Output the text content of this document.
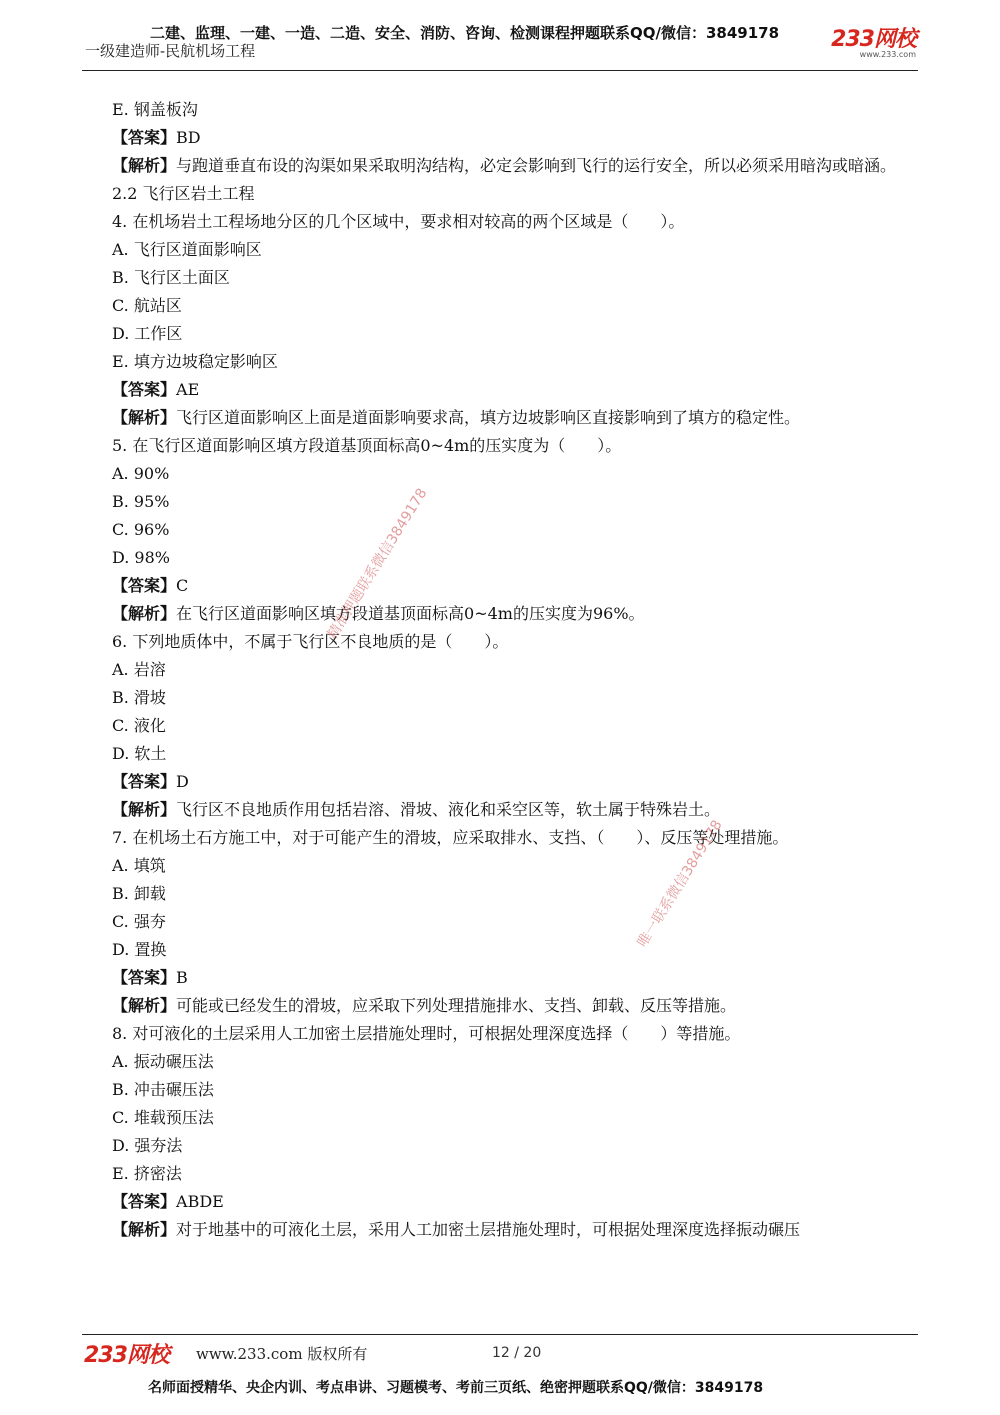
二建、监理、一建、一造、二造、安全、消防、咨询、检测课程押题联系QQ/微信：3849178
一级建造师-民航机场工程	233网校
www.233.com
E. 钢盖板沟
【答案】BD
【解析】与跑道垂直布设的沟渠如果采取明沟结构，必定会影响到飞行的运行安全，所以必须采用暗沟或暗涵。
2.2 飞行区岩土工程
4. 在机场岩土工程场地分区的几个区域中，要求相对较高的两个区域是（　　）。
A. 飞行区道面影响区
B. 飞行区土面区
C. 航站区
D. 工作区
E. 填方边坡稳定影响区
【答案】AE
【解析】飞行区道面影响区上面是道面影响要求高，填方边坡影响区直接影响到了填方的稳定性。
5. 在飞行区道面影响区填方段道基顶面标高0~4m的压实度为（　　）。
A. 90%
B. 95%
C. 96%
D. 98%
【答案】C
【解析】在飞行区道面影响区填方段道基顶面标高0~4m的压实度为96%。
6. 下列地质体中，不属于飞行区不良地质的是（　　）。
A. 岩溶
B. 滑坡
C. 液化
D. 软土
【答案】D
【解析】飞行区不良地质作用包括岩溶、滑坡、液化和采空区等，软土属于特殊岩土。
7. 在机场土石方施工中，对于可能产生的滑坡，应采取排水、支挡、（　　）、反压等处理措施。
A. 填筑
B. 卸载
C. 强夯
D. 置换
【答案】B
【解析】可能或已经发生的滑坡，应采取下列处理措施排水、支挡、卸载、反压等措施。
8. 对可液化的土层采用人工加密土层措施处理时，可根据处理深度选择（　　）等措施。
A. 振动碾压法
B. 冲击碾压法
C. 堆载预压法
D. 强夯法
E. 挤密法
【答案】ABDE
【解析】对于地基中的可液化土层，采用人工加密土层措施处理时，可根据处理深度选择振动碾压
精准押题联系微信3849178
唯一联系微信3849178
233网校 www.233.com 版权所有	12 / 20
名师面授精华、央企内训、考点串讲、习题模考、考前三页纸、绝密押题联系QQ/微信：3849178
